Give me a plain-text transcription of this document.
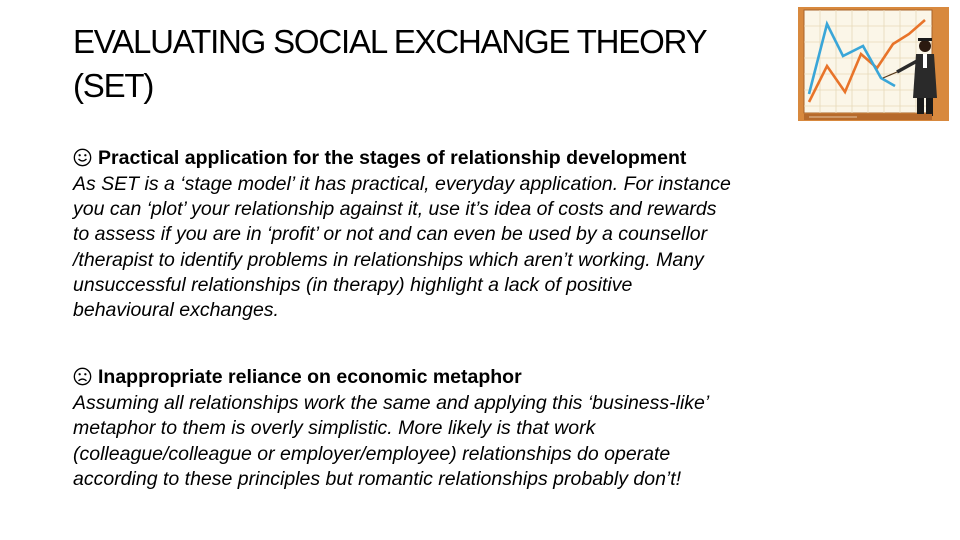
EVALUATING SOCIAL EXCHANGE THEORY
(SET)

Practical application for the stages of relationship development

As SET is a ‘stage model’ it has practical, everyday application. For instance
you can ‘plot’ your relationship against it, use it’s idea of costs and rewards
to assess if you are in ‘profit’ or not and can even be used by a counsellor
/therapist to identify problems in relationships which aren’t working. Many
unsuccessful relationships (in therapy) highlight a lack of positive
behavioural exchanges.

Inappropriate reliance on economic metaphor

Assuming all relationships work the same and applying this ‘business-like’
metaphor to them is overly simplistic. More likely is that work
(colleague/colleague or employer/employee) relationships do operate
according to these principles but romantic relationships probably don’t!
